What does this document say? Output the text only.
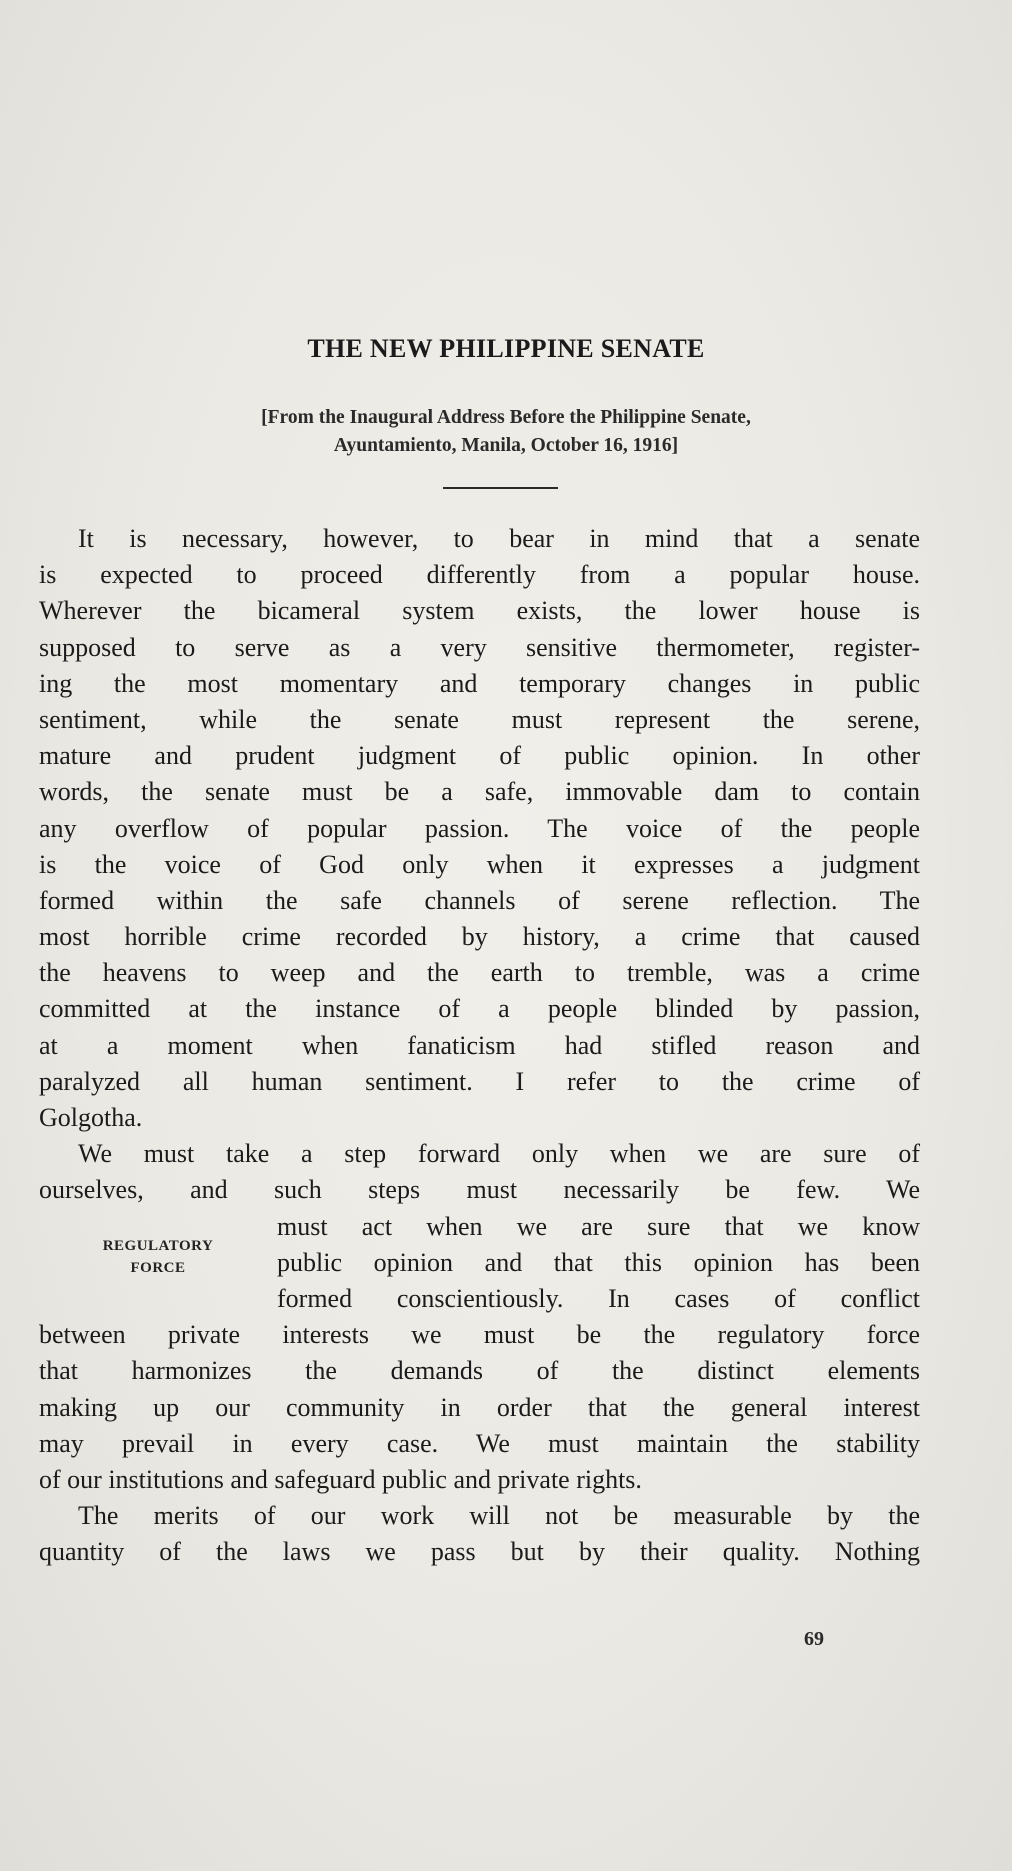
THE NEW PHILIPPINE SENATE
[From the Inaugural Address Before the Philippine Senate,
Ayuntamiento, Manila, October 16, 1916]
It is necessary, however, to bear in mind that a senate
is expected to proceed differently from a popular house.
Wherever the bicameral system exists, the lower house is
supposed to serve as a very sensitive thermometer, register-
ing the most momentary and temporary changes in public
sentiment, while the senate must represent the serene,
mature and prudent judgment of public opinion. In other
words, the senate must be a safe, immovable dam to contain
any overflow of popular passion. The voice of the people
is the voice of God only when it expresses a judgment
formed within the safe channels of serene reflection. The
most horrible crime recorded by history, a crime that caused
the heavens to weep and the earth to tremble, was a crime
committed at the instance of a people blinded by passion,
at a moment when fanaticism had stifled reason and
paralyzed all human sentiment. I refer to the crime of
Golgotha.
We must take a step forward only when we are sure of
ourselves, and such steps must necessarily be few. We
REGULATORY
FORCE
must act when we are sure that we know
public opinion and that this opinion has been
formed conscientiously. In cases of conflict
between private interests we must be the regulatory force
that harmonizes the demands of the distinct elements
making up our community in order that the general interest
may prevail in every case. We must maintain the stability
of our institutions and safeguard public and private rights.
The merits of our work will not be measurable by the
quantity of the laws we pass but by their quality. Nothing
69
